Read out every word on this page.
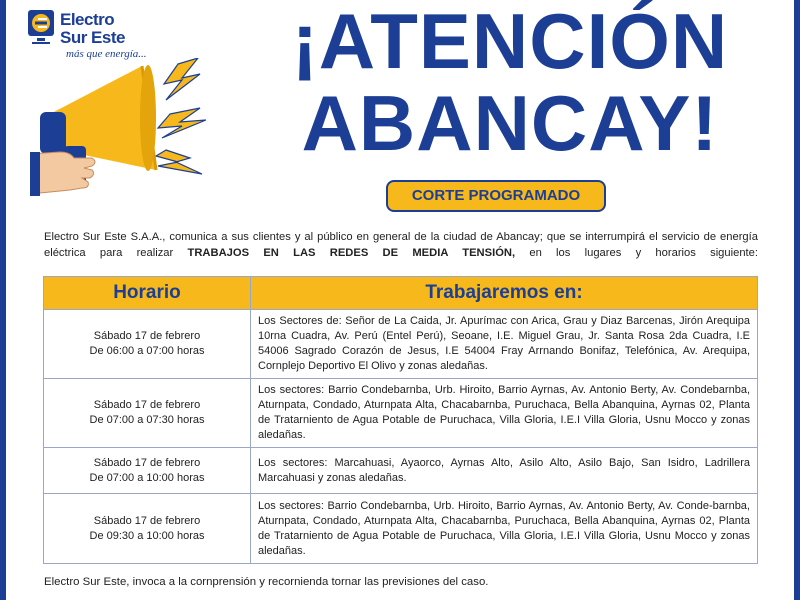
Electro
Sur Este
más que energía...	¡ATENCIÓN
ABANCAY!
CORTE PROGRAMADO
Electro Sur Este S.A.A., comunica a sus clientes y al público en general de la ciudad de Abancay; que se interrumpirá el servicio de energía eléctrica para realizar TRABAJOS EN LAS REDES DE MEDIA TENSIÓN, en los lugares y horarios siguiente:
Horario	Trabajaremos en:

Sábado 17 de febrero
De 06:00 a 07:00 horas	Los Sectores de: Señor de La Caida, Jr. Apurímac con Arica, Grau y Diaz Barcenas, Jirón Arequipa 10rna Cuadra, Av. Perú (Entel Perú), Seoane, I.E. Miguel Grau, Jr. Santa Rosa 2da Cuadra, I.E 54006 Sagrado Corazón de Jesus, I.E 54004 Fray Arrnando Bonifaz, Telefónica, Av. Arequipa, Cornplejo Deportivo El Olivo y zonas aledañas.

Sábado 17 de febrero
De 07:00 a 07:30 horas	Los sectores: Barrio Condebarnba, Urb. Hiroito, Barrio Ayrnas, Av. Antonio Berty, Av. Condebarnba, Aturnpata, Condado, Aturnpata Alta, Chacabarnba, Puruchaca, Bella Abanquina, Ayrnas 02, Planta de Tratarniento de Agua Potable de Puruchaca, Villa Gloria, I.E.I Villa Gloria, Usnu Mocco y zonas aledañas.

Sábado 17 de febrero
De 07:00 a 10:00 horas	Los sectores: Marcahuasi, Ayaorco, Ayrnas Alto, Asilo Alto, Asilo Bajo, San Isidro, Ladrillera Marcahuasi y zonas aledañas.

Sábado 17 de febrero
De 09:30 a 10:00 horas	Los sectores: Barrio Condebarnba, Urb. Hiroito, Barrio Ayrnas, Av. Antonio Berty, Av. Conde-barnba, Aturnpata, Condado, Aturnpata Alta, Chacabarnba, Puruchaca, Bella Abanquina, Ayrnas 02, Planta de Tratarniento de Agua Potable de Puruchaca, Villa Gloria, I.E.I Villa Gloria, Usnu Mocco y zonas aledañas.
Electro Sur Este, invoca a la cornprensión y recornienda tornar las previsiones del caso.
